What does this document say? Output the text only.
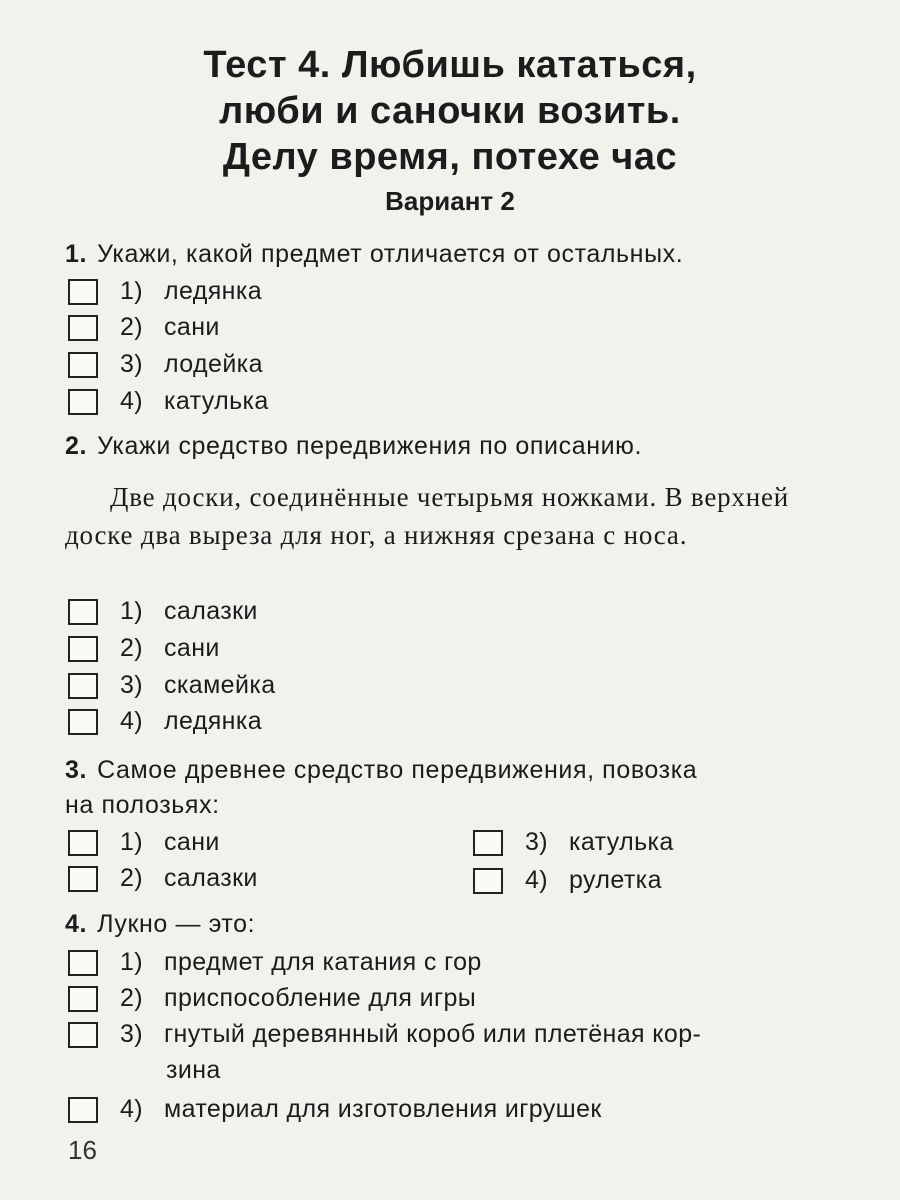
Тест 4. Любишь кататься,
люби и саночки возить.
Делу время, потехе час
Вариант 2
1. Укажи, какой предмет отличается от остальных.
1) ледянка
2) сани
3) лодейка
4) катулька
2. Укажи средство передвижения по описанию.
Две доски, соединённые четырьмя ножками. В верхней доске два выреза для ног, а нижняя срезана с носа.
1) салазки
2) сани
3) скамейка
4) ледянка
3. Самое древнее средство передвижения, повозка
на полозьях:
1) сани
2) салазки
3) катулька
4) рулетка
4. Лукно — это:
1) предмет для катания с гор
2) приспособление для игры
3) гнутый деревянный короб или плетёная кор-
зина
4) материал для изготовления игрушек
16
